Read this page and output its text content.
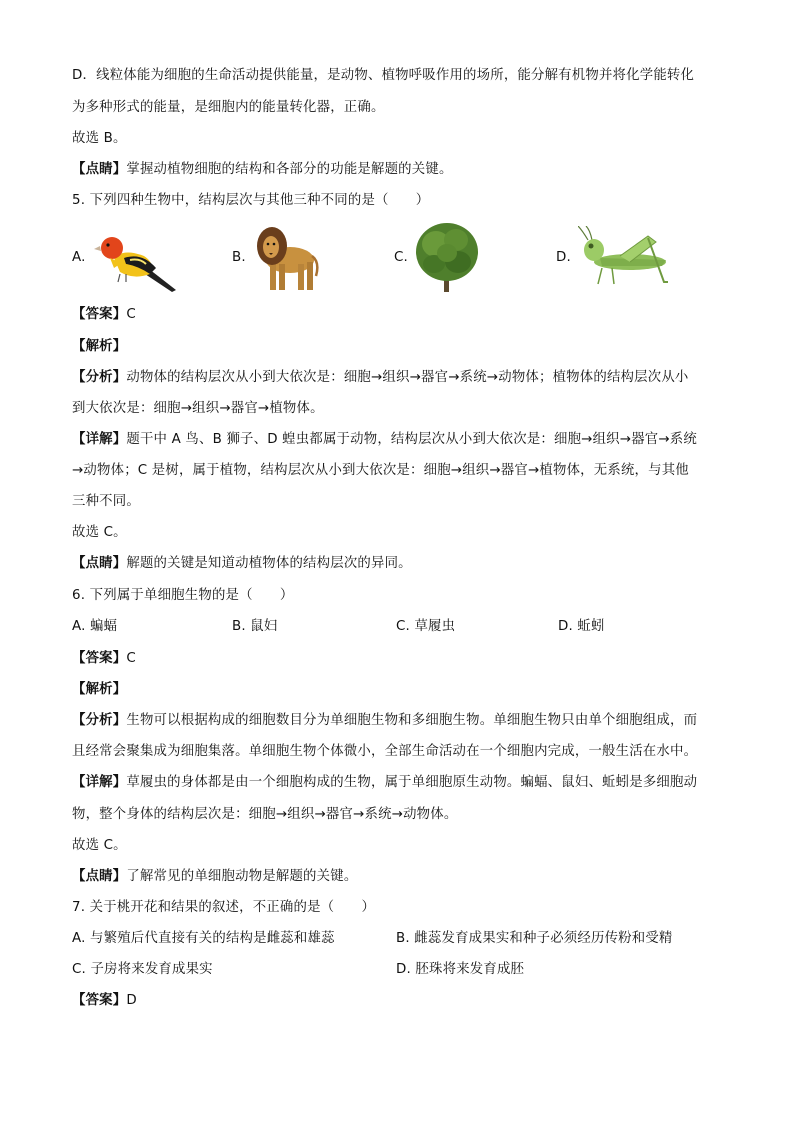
D．线粒体能为细胞的生命活动提供能量，是动物、植物呼吸作用的场所，能分解有机物并将化学能转化
为多种形式的能量，是细胞内的能量转化器，正确。
故选 B。
【点睛】掌握动植物细胞的结构和各部分的功能是解题的关键。
5. 下列四种生物中，结构层次与其他三种不同的是（　　）
A.	B.	C.	D.
【答案】C
【解析】
【分析】动物体的结构层次从小到大依次是：细胞→组织→器官→系统→动物体；植物体的结构层次从小
到大依次是：细胞→组织→器官→植物体。
【详解】题干中 A 鸟、B 狮子、D 蝗虫都属于动物，结构层次从小到大依次是：细胞→组织→器官→系统
→动物体；C 是树，属于植物，结构层次从小到大依次是：细胞→组织→器官→植物体，无系统，与其他
三种不同。
故选 C。
【点睛】解题的关键是知道动植物体的结构层次的异同。
6. 下列属于单细胞生物的是（　　）
A. 蝙蝠	B. 鼠妇	C. 草履虫	D. 蚯蚓
【答案】C
【解析】
【分析】生物可以根据构成的细胞数目分为单细胞生物和多细胞生物。单细胞生物只由单个细胞组成，而
且经常会聚集成为细胞集落。单细胞生物个体微小，全部生命活动在一个细胞内完成，一般生活在水中。
【详解】草履虫的身体都是由一个细胞构成的生物，属于单细胞原生动物。蝙蝠、鼠妇、蚯蚓是多细胞动
物，整个身体的结构层次是：细胞→组织→器官→系统→动物体。
故选 C。
【点睛】了解常见的单细胞动物是解题的关键。
7. 关于桃开花和结果的叙述，不正确的是（　　）
A. 与繁殖后代直接有关的结构是雌蕊和雄蕊	B. 雌蕊发育成果实和种子必须经历传粉和受精
C. 子房将来发育成果实	D. 胚珠将来发育成胚
【答案】D
